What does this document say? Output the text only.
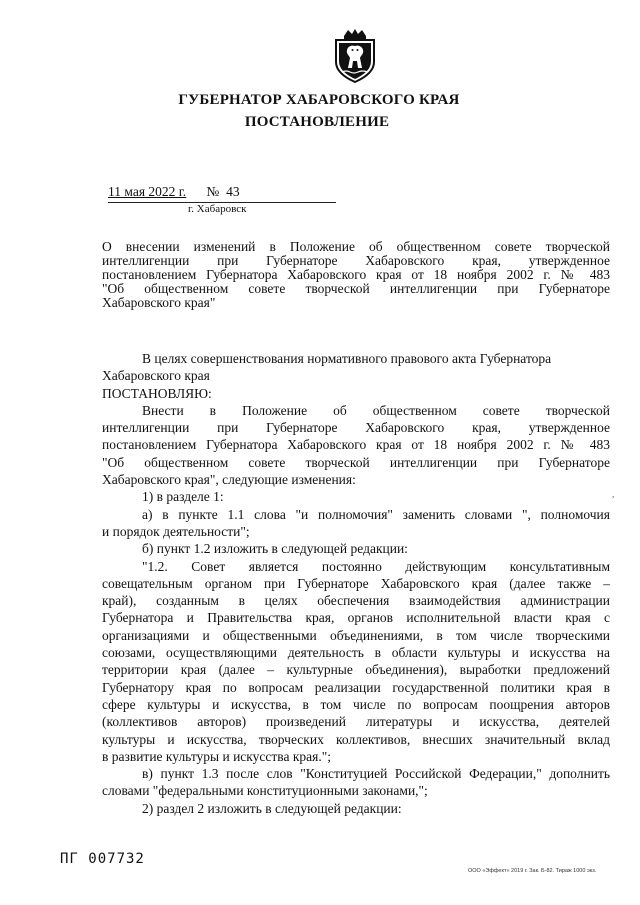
ГУБЕРНАТОР ХАБАРОВСКОГО КРАЯ
ПОСТАНОВЛЕНИЕ
11 мая 2022 г. № 43
г. Хабаровск

О внесении изменений в Положение об общественном совете творческой

интеллигенции при Губернаторе Хабаровского края, утвержденное

постановлением Губернатора Хабаровского края от 18 ноября 2002 г. № 483

"Об общественном совете творческой интеллигенции при Губернаторе

Хабаровского края"

В целях совершенствования нормативного правового акта Губернатора

Хабаровского края

ПОСТАНОВЛЯЮ:

Внести в Положение об общественном совете творческой

интеллигенции при Губернаторе Хабаровского края, утвержденное

постановлением Губернатора Хабаровского края от 18 ноября 2002 г. № 483

"Об общественном совете творческой интеллигенции при Губернаторе

Хабаровского края", следующие изменения:

1) в разделе 1:

а) в пункте 1.1 слова "и полномочия" заменить словами ", полномочия

и порядок деятельности";

б) пункт 1.2 изложить в следующей редакции:

"1.2. Совет является постоянно действующим консультативным

совещательным органом при Губернаторе Хабаровского края (далее также –

край), созданным в целях обеспечения взаимодействия администрации

Губернатора и Правительства края, органов исполнительной власти края с

организациями и общественными объединениями, в том числе творческими

союзами, осуществляющими деятельность в области культуры и искусства на

территории края (далее – культурные объединения), выработки предложений

Губернатору края по вопросам реализации государственной политики края в

сфере культуры и искусства, в том числе по вопросам поощрения авторов

(коллективов авторов) произведений литературы и искусства, деятелей

культуры и искусства, творческих коллективов, внесших значительный вклад

в развитие культуры и искусства края.";

в) пункт 1.3 после слов "Конституцией Российской Федерации," дополнить

словами "федеральными конституционными законами,";

2) раздел 2 изложить в следующей редакции:

,
ПГ 007732
ООО «Эффект» 2019 г. Зак. Б-82. Тираж 1000 экз.
